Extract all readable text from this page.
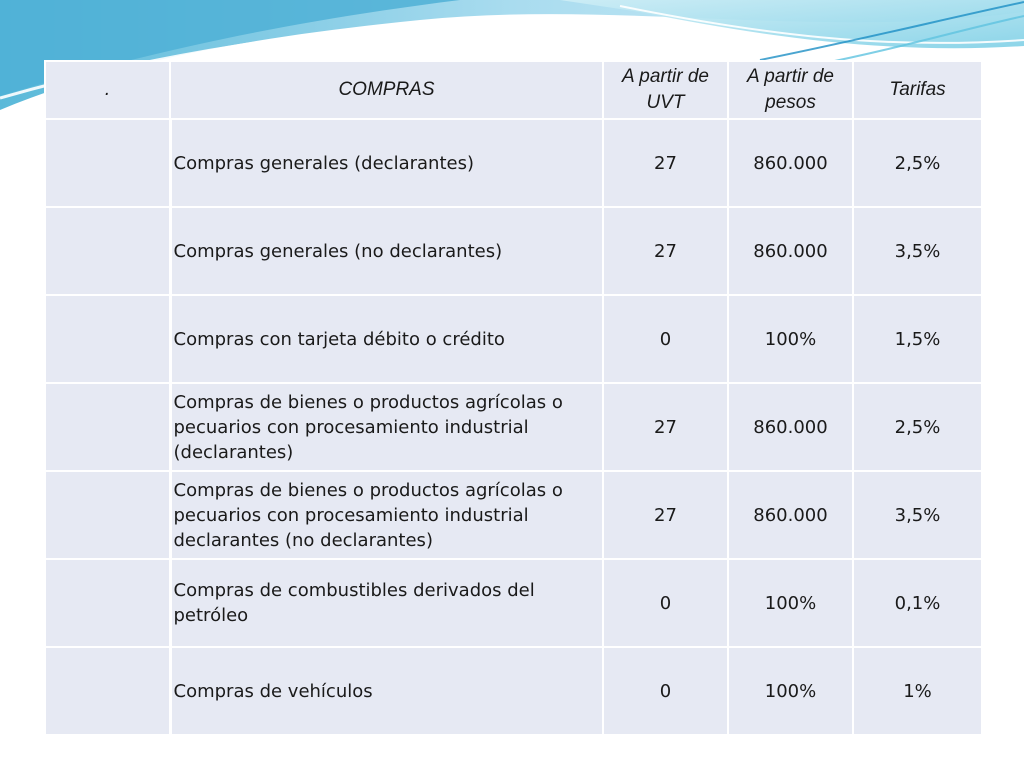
.	COMPRAS	A partir de UVT	A partir de pesos	Tarifas
	Compras generales (declarantes)	27	860.000	2,5%
	Compras generales (no declarantes)	27	860.000	3,5%
	Compras con tarjeta débito o crédito	0	100%	1,5%
	Compras de bienes o productos agrícolas o pecuarios con procesamiento industrial (declarantes)	27	860.000	2,5%
	Compras de bienes o productos agrícolas o pecuarios con procesamiento industrial declarantes (no declarantes)	27	860.000	3,5%
	Compras de combustibles derivados del petróleo	0	100%	0,1%
	Compras de vehículos	0	100%	1%
